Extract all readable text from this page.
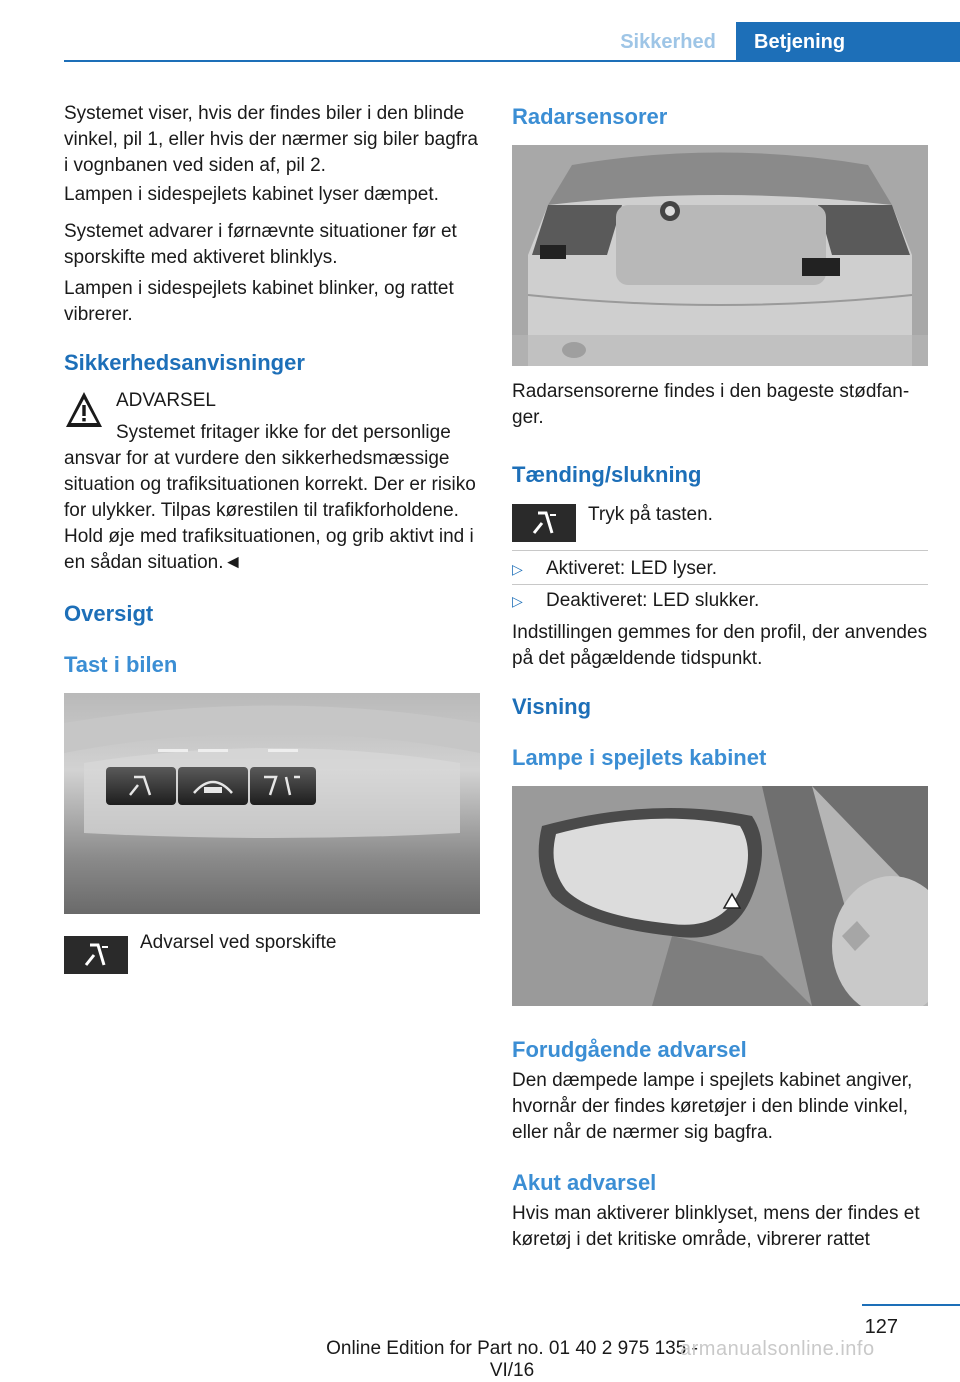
Sikkerhed	Betjening
Systemet viser, hvis der findes biler i den blinde vinkel, pil 1, eller hvis der nærmer sig biler bagfra i vognbanen ved siden af, pil 2.
Lampen i sidespejlets kabinet lyser dæmpet.
Systemet advarer i førnævnte situationer før et sporskifte med aktiveret blinklys.
Lampen i sidespejlets kabinet blinker, og rattet vibrerer.
Sikkerhedsanvisninger
ADVARSEL
Systemet fritager ikke for det personlige
ansvar for at vurdere den sikkerhedsmæssige situation og trafiksituationen korrekt. Der er risiko for ulykker. Tilpas kørestilen til trafikforholdene. Hold øje med trafiksituationen, og grib aktivt ind i en sådan situation.◄
Oversigt
Tast i bilen
Advarsel ved sporskifte
Radarsensorer
Radarsensorerne findes i den bageste stødfanger.
Tænding/slukning
Tryk på tasten.
▷ Aktiveret: LED lyser.
▷ Deaktiveret: LED slukker.
Indstillingen gemmes for den profil, der anvendes på det pågældende tidspunkt.
Visning
Lampe i spejlets kabinet
Forudgående advarsel
Den dæmpede lampe i spejlets kabinet angiver, hvornår der findes køretøjer i den blinde vinkel, eller når de nærmer sig bagfra.
Akut advarsel
Hvis man aktiverer blinklyset, mens der findes et køretøj i det kritiske område, vibrerer rattet
127
Online Edition for Part no. 01 40 2 975 135 - VI/16
armanualsonline.info
